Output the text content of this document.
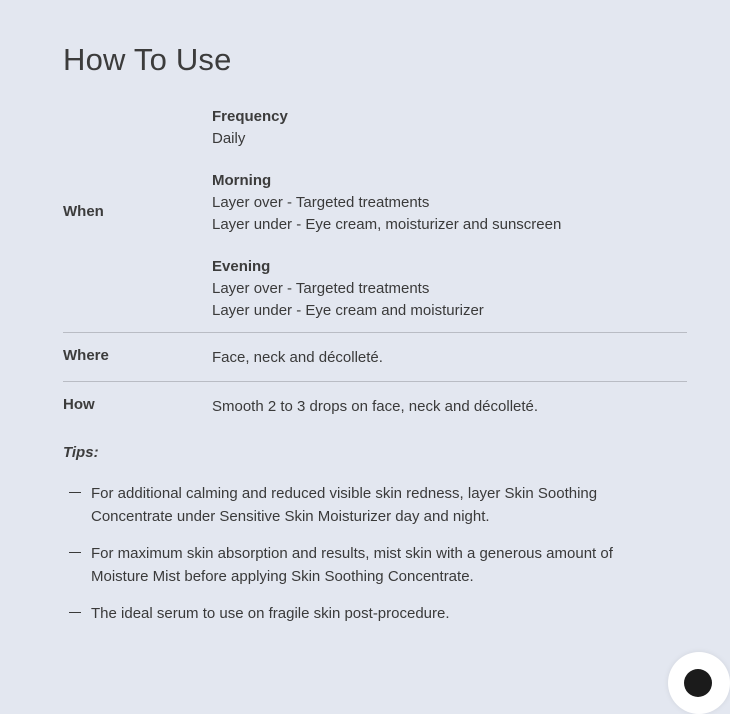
How To Use
When
Frequency
Daily
Morning
Layer over - Targeted treatments
Layer under - Eye cream, moisturizer and sunscreen
Evening
Layer over - Targeted treatments
Layer under - Eye cream and moisturizer
Where	Face, neck and décolleté.
How	Smooth 2 to 3 drops on face, neck and décolleté.
Tips:
For additional calming and reduced visible skin redness, layer Skin Soothing Concentrate under Sensitive Skin Moisturizer day and night.
For maximum skin absorption and results, mist skin with a generous amount of Moisture Mist before applying Skin Soothing Concentrate.
The ideal serum to use on fragile skin post-procedure.
